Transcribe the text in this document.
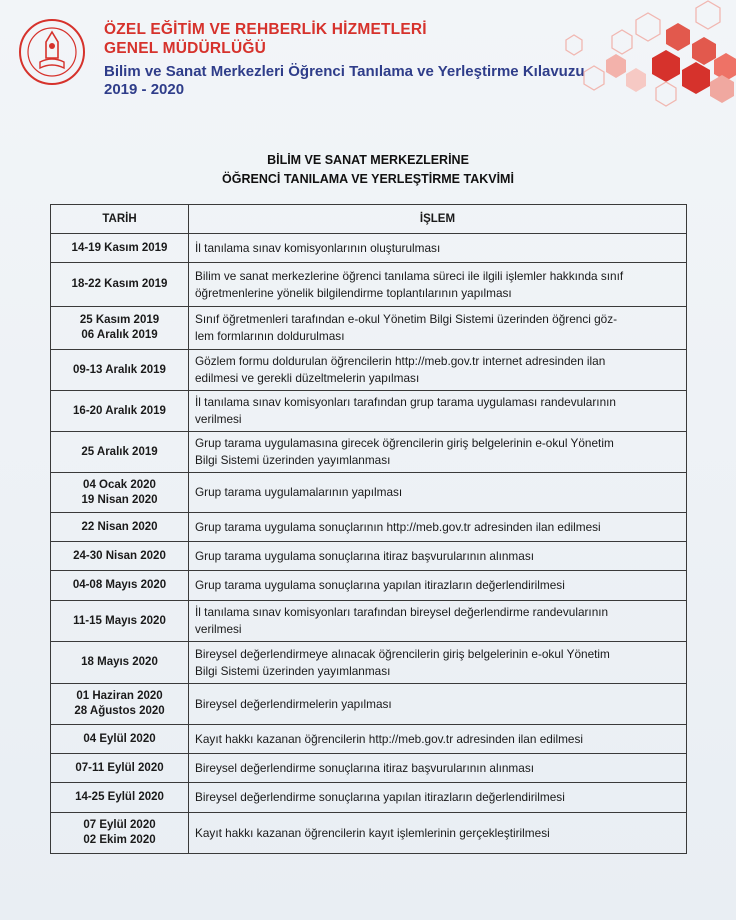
ÖZEL EĞİTİM VE REHBERLİK HİZMETLERİ
GENEL MÜDÜRLÜĞÜ
Bilim ve Sanat Merkezleri Öğrenci Tanılama ve Yerleştirme Kılavuzu
2019 - 2020
BİLİM VE SANAT MERKEZLERİNE
ÖĞRENCİ TANILAMA VE YERLEŞTİRME TAKVİMİ
TARİH	İŞLEM

14-19 Kasım 2019	İl tanılama sınav komisyonlarının oluşturulması

18-22 Kasım 2019	Bilim ve sanat merkezlerine öğrenci tanılama süreci ile ilgili işlemler hakkında sınıf
öğretmenlerine yönelik bilgilendirme toplantılarının yapılması

25 Kasım 2019
06 Aralık 2019	Sınıf öğretmenleri tarafından e-okul Yönetim Bilgi Sistemi üzerinden öğrenci göz-
lem formlarının doldurulması

09-13 Aralık 2019	Gözlem formu doldurulan öğrencilerin http://meb.gov.tr internet adresinden ilan
edilmesi ve gerekli düzeltmelerin yapılması

16-20 Aralık 2019	İl tanılama sınav komisyonları tarafından grup tarama uygulaması randevularının
verilmesi

25 Aralık 2019	Grup tarama uygulamasına girecek öğrencilerin giriş belgelerinin e-okul Yönetim
Bilgi Sistemi üzerinden yayımlanması

04 Ocak 2020
19 Nisan 2020	Grup tarama uygulamalarının yapılması

22 Nisan 2020	Grup tarama uygulama sonuçlarının http://meb.gov.tr adresinden ilan edilmesi

24-30 Nisan 2020	Grup tarama uygulama sonuçlarına itiraz başvurularının alınması

04-08 Mayıs 2020	Grup tarama uygulama sonuçlarına yapılan itirazların değerlendirilmesi

11-15 Mayıs 2020	İl tanılama sınav komisyonları tarafından bireysel değerlendirme randevularının
verilmesi

18 Mayıs 2020	Bireysel değerlendirmeye alınacak öğrencilerin giriş belgelerinin e-okul Yönetim
Bilgi Sistemi üzerinden yayımlanması

01 Haziran 2020
28 Ağustos 2020	Bireysel değerlendirmelerin yapılması

04 Eylül 2020	Kayıt hakkı kazanan öğrencilerin http://meb.gov.tr adresinden ilan edilmesi

07-11 Eylül 2020	Bireysel değerlendirme sonuçlarına itiraz başvurularının alınması

14-25 Eylül 2020	Bireysel değerlendirme sonuçlarına yapılan itirazların değerlendirilmesi

07 Eylül 2020
02 Ekim 2020	Kayıt hakkı kazanan öğrencilerin kayıt işlemlerinin gerçekleştirilmesi
